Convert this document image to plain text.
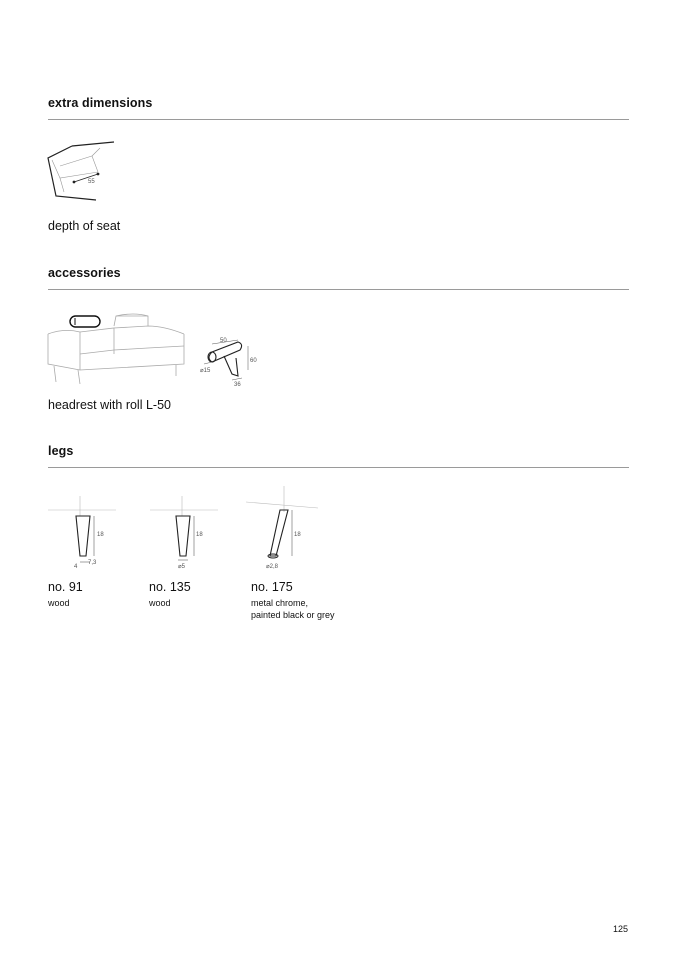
extra dimensions
55
depth of seat
accessories
50
60
⌀15
36
headrest with roll L-50
legs
18
4
7,3
no. 91
wood
18
⌀5
no. 135
wood
18
⌀2,8
no. 175
metal chrome,
painted black or grey
125
